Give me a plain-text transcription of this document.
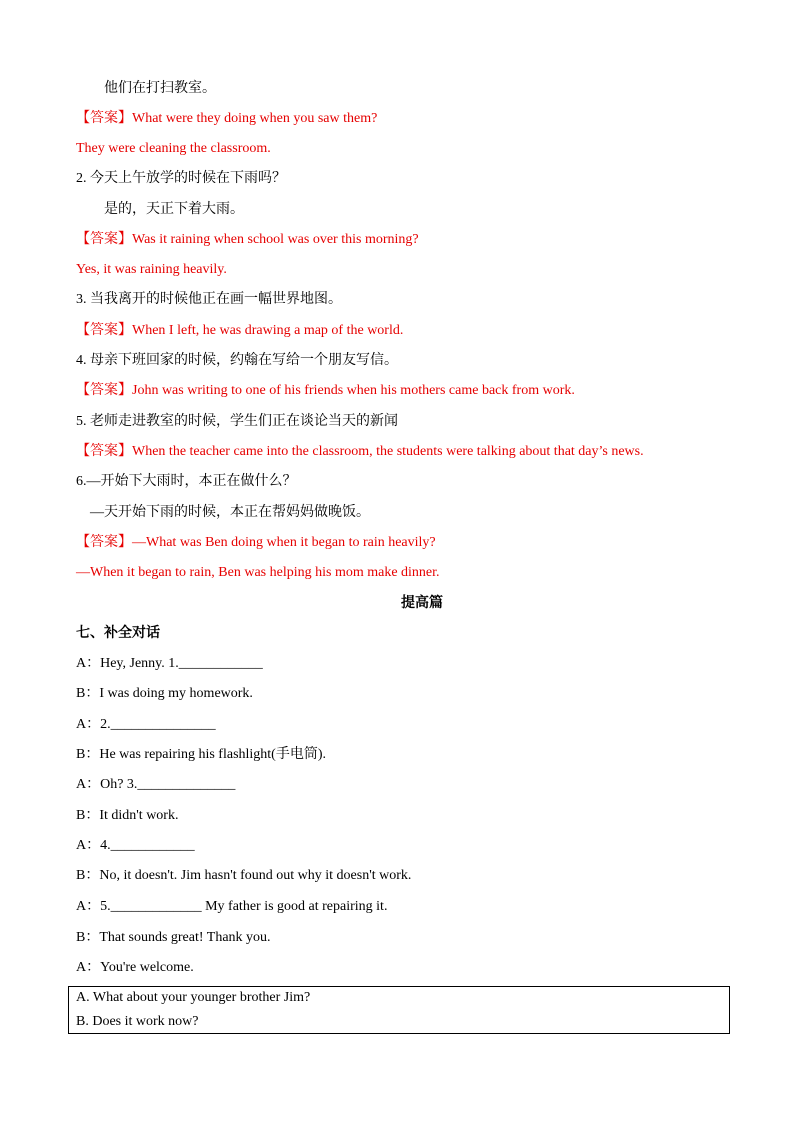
他们在打扫教室。
【答案】What were they doing when you saw them?
They were cleaning the classroom.
2. 今天上午放学的时候在下雨吗？
是的，天正下着大雨。
【答案】Was it raining when school was over this morning?
Yes, it was raining heavily.
3. 当我离开的时候他正在画一幅世界地图。
【答案】When I left, he was drawing a map of the world.
4. 母亲下班回家的时候，约翰在写给一个朋友写信。
【答案】John was writing to one of his friends when his mothers came back from work.
5. 老师走进教室的时候，学生们正在谈论当天的新闻
【答案】When the teacher came into the classroom, the students were talking about that day’s news.
6.—开始下大雨时，本正在做什么？
—天开始下雨的时候，本正在帮妈妈做晚饭。
【答案】—What was Ben doing when it began to rain heavily?
—When it began to rain, Ben was helping his mom make dinner.
提高篇
七、补全对话
A：Hey, Jenny. 1.____________
B：I was doing my homework.
A：2._______________
B：He was repairing his flashlight(手电筒).
A：Oh? 3.______________
B：It didn't work.
A：4.____________
B：No, it doesn't. Jim hasn't found out why it doesn't work.
A：5._____________ My father is good at repairing it.
B：That sounds great! Thank you.
A：You're welcome.
A. What about your younger brother Jim?
B. Does it work now?
